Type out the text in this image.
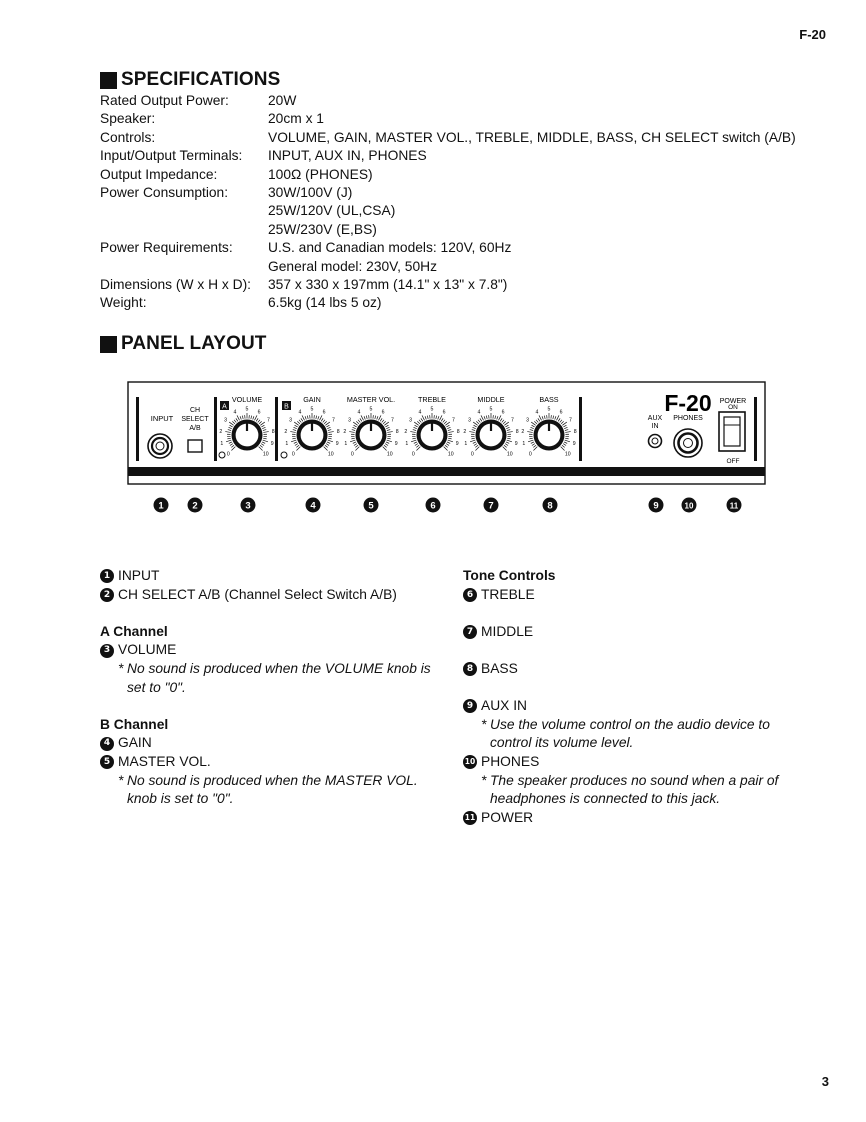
F-20
SPECIFICATIONS
Rated Output Power:	20W
Speaker:	20cm x 1
Controls:	VOLUME, GAIN, MASTER VOL., TREBLE, MIDDLE, BASS, CH SELECT switch (A/B)
Input/Output Terminals:	INPUT, AUX IN, PHONES
Output Impedance:	100Ω (PHONES)
Power Consumption:	30W/100V (J)
25W/120V (UL,CSA)
25W/230V (E,BS)
Power Requirements:	U.S. and Canadian models: 120V, 60Hz
General model: 230V, 50Hz
Dimensions (W x H x D):	357 x 330 x 197mm (14.1" x 13" x 7.8")
Weight:	6.5kg (14 lbs 5 oz)
PANEL LAYOUT
INPUT
CH
SELECT
A/B
A	B
VOLUME
0
1
2
3
4 5 6
7
8
9
10
GAIN
0
1
2
3
4 5 6
7
8
9
10
MASTER VOL.
0
1
2
3
4 5 6
7
8
9
10
TREBLE
0
1
2
3
4 5 6
7
8
9
10
MIDDLE
0
1
2
3
4 5 6
7
8
9
10
BASS
0
1
2
3
4 5 6
7
8
9
10
F-20
AUX
IN
PHONES
POWER
ON
OFF
1	2	3	4	5	6	7	8	9	10	11
1 INPUT
2 CH SELECT A/B (Channel Select Switch A/B)
A Channel
3 VOLUME
* No sound is produced when the VOLUME knob is
set to "0".
B Channel
4 GAIN
5 MASTER VOL.
* No sound is produced when the MASTER VOL.
knob is set to "0".
Tone Controls
6 TREBLE
7 MIDDLE
8 BASS
9 AUX IN
* Use the volume control on the audio device to
control its volume level.
10 PHONES
* The speaker produces no sound when a pair of
headphones is connected to this jack.
11 POWER
3
